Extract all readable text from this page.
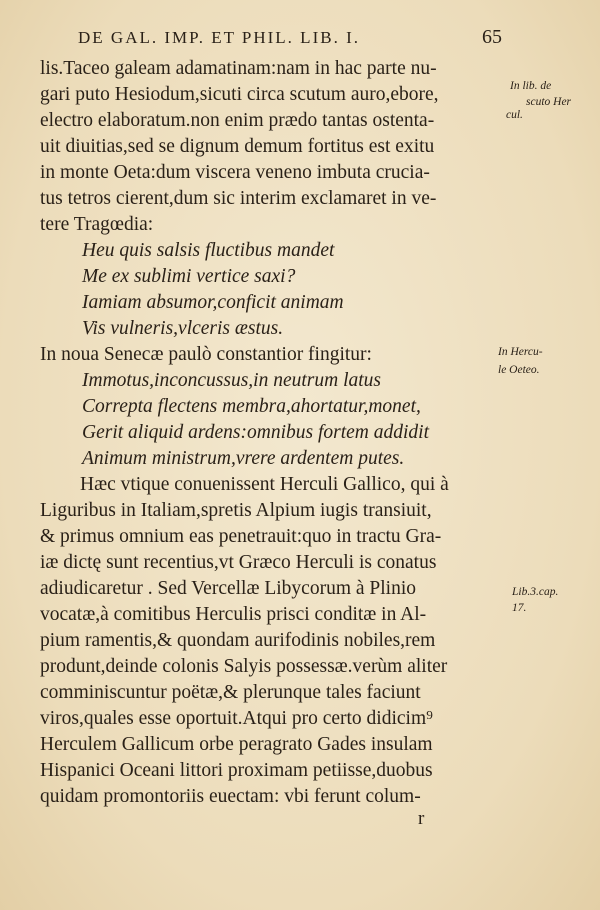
DE GAL. IMP. ET PHIL. LIB. I.	65
lis.Taceo galeam adamatinam:nam in hac parte nu-
gari puto Hesiodum,sicuti circa scutum auro,ebore,
electro elaboratum.non enim prædo tantas ostenta-
uit diuitias,sed se dignum demum fortitus est exitu
in monte Oeta:dum viscera veneno imbuta crucia-
tus tetros cierent,dum sic interim exclamaret in ve-
tere Tragœdia:
Heu quis salsis fluctibus mandet
Me ex sublimi vertice saxi?
Iamiam absumor,conficit animam
Vis vulneris,vlceris æstus.
In noua Senecæ paulò constantior fingitur:
Immotus,inconcussus,in neutrum latus
Correpta flectens membra,ahortatur,monet,
Gerit aliquid ardens:omnibus fortem addidit
Animum ministrum,vrere ardentem putes.
Hæc vtique conuenissent Herculi Gallico, qui à
Liguribus in Italiam,spretis Alpium iugis transiuit,
& primus omnium eas penetrauit:quo in tractu Gra-
iæ dictę sunt recentius,vt Græco Herculi is conatus
adiudicaretur . Sed Vercellæ Libycorum à Plinio
vocatæ,à comitibus Herculis prisci conditæ in Al-
pium ramentis,& quondam aurifodinis nobiles,rem
produnt,deinde colonis Salyis possessæ.verùm aliter
comminiscuntur poëtæ,& plerunque tales faciunt
viros,quales esse oportuit.Atqui pro certo didicim⁹
Herculem Gallicum orbe peragrato Gades insulam
Hispanici Oceani littori proximam petiisse,duobus
quidam promontoriis euectam: vbi ferunt colum-
In lib. de
scuto Her
cul.
In Hercu-
le Oeteo.
Lib.3.cap.
17.
r
